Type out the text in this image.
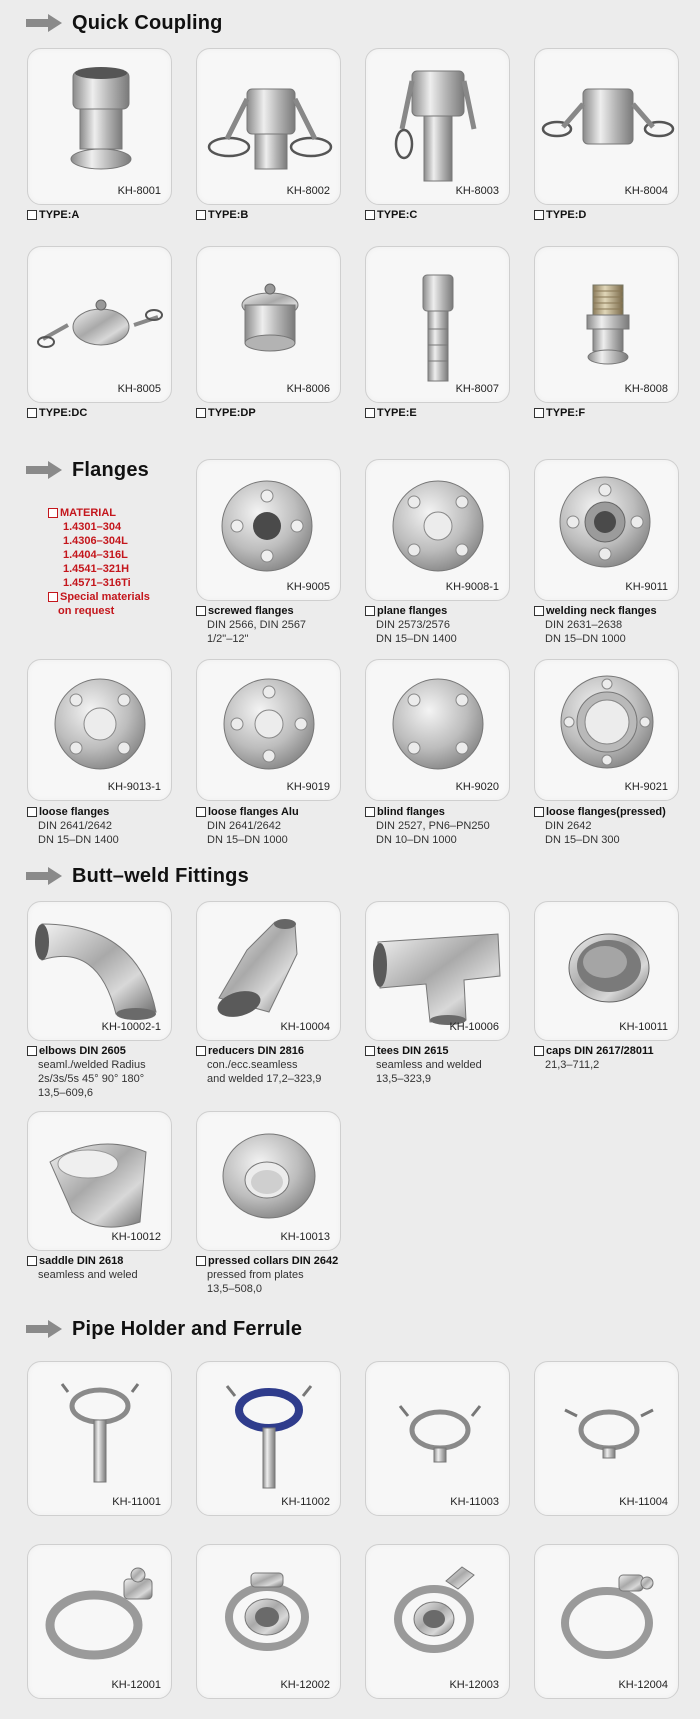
Quick Coupling
Flanges
Butt–weld Fittings
Pipe Holder and Ferrule
MATERIAL
1.4301–304
1.4306–304L
1.4404–316L
1.4541–321H
1.4571–316Ti
Special materials
on request
KH-8001	KH-8002	KH-8003	KH-8004
TYPE:A	TYPE:B	TYPE:C	TYPE:D
KH-8005	KH-8006	KH-8007	KH-8008
TYPE:DC	TYPE:DP	TYPE:E	TYPE:F
KH-9005	KH-9008-1	KH-9011
screwed flanges
DIN 2566, DIN 2567
1/2"–12"
plane flanges
DIN 2573/2576
DN 15–DN 1400
welding neck flanges
DIN 2631–2638
DN 15–DN 1000
KH-9013-1	KH-9019	KH-9020	KH-9021
loose flanges
DIN 2641/2642
DN 15–DN 1400
loose flanges Alu
DIN 2641/2642
DN 15–DN 1000
blind flanges
DIN 2527, PN6–PN250
DN 10–DN 1000
loose flanges(pressed)
DIN 2642
DN 15–DN 300
KH-10002-1	KH-10004	KH-10006	KH-10011
elbows DIN 2605
seaml./welded Radius
2s/3s/5s 45° 90° 180°
13,5–609,6
reducers DIN 2816
con./ecc.seamless
and welded 17,2–323,9
tees DIN 2615
seamless and welded
13,5–323,9
caps DIN 2617/28011
21,3–711,2
KH-10012	KH-10013
saddle DIN 2618
seamless and weled
pressed collars DIN 2642
pressed from plates
13,5–508,0
KH-11001	KH-11002	KH-11003	KH-11004
KH-12001	KH-12002	KH-12003	KH-12004
